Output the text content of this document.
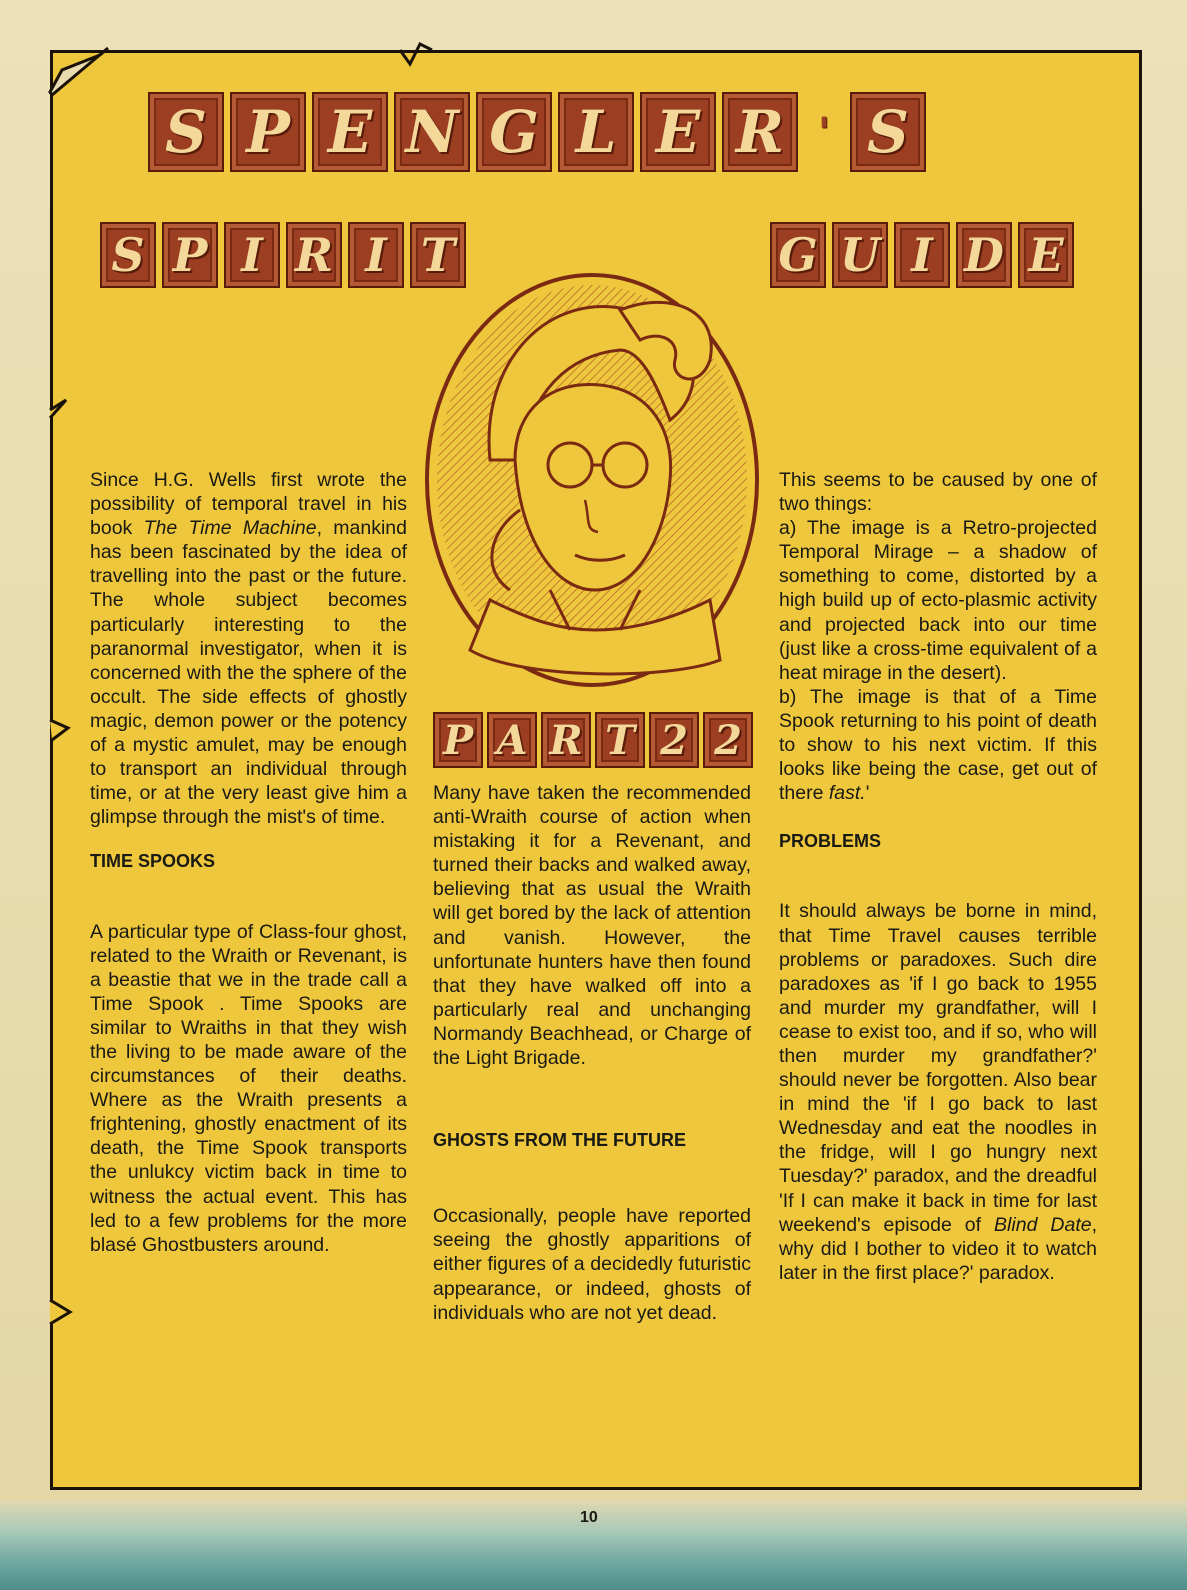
S P E N G L E R ' S
S P I R I T	G U I D E
P A R T 2 2

Since H.G. Wells first wrote the possibility of temporal travel in his book The Time Machine, mankind has been fascinated by the idea of travelling into the past or the future. The whole subject becomes particularly interesting to the paranormal investigator, when it is concerned with the the sphere of the occult. The side effects of ghostly magic, demon power or the potency of a mystic amulet, may be enough to transport an individual through time, or at the very least give him a glimpse through the mist's of time.

TIME SPOOKS

A particular type of Class-four ghost, related to the Wraith or Revenant, is a beastie that we in the trade call a Time Spook . Time Spooks are similar to Wraiths in that they wish the living to be made aware of the circumstances of their deaths. Where as the Wraith presents a frightening, ghostly enactment of its death, the Time Spook transports the unlukcy victim back in time to witness the actual event. This has led to a few problems for the more blasé Ghostbusters around.

Many have taken the recommended anti-Wraith course of action when mistaking it for a Revenant, and turned their backs and walked away, believing that as usual the Wraith will get bored by the lack of attention and vanish. However, the unfortunate hunters have then found that they have walked off into a particularly real and unchanging Normandy Beachhead, or Charge of the Light Brigade.

GHOSTS FROM THE FUTURE

Occasionally, people have reported seeing the ghostly apparitions of either figures of a decidedly futuristic appearance, or indeed, ghosts of individuals who are not yet dead.

This seems to be caused by one of two things:

a) The image is a Retro-projected Temporal Mirage – a shadow of something to come, distorted by a high build up of ecto-plasmic activity and projected back into our time (just like a cross-time equivalent of a heat mirage in the desert).

b) The image is that of a Time Spook returning to his point of death to show to his next victim. If this looks like being the case, get out of there fast.'

PROBLEMS

It should always be borne in mind, that Time Travel causes terrible problems or paradoxes. Such dire paradoxes as 'if I go back to 1955 and murder my grandfather, will I cease to exist too, and if so, who will then murder my grandfather?' should never be forgotten. Also bear in mind the 'if I go back to last Wednesday and eat the noodles in the fridge, will I go hungry next Tuesday?' paradox, and the dreadful 'If I can make it back in time for last weekend's episode of Blind Date, why did I bother to video it to watch later in the first place?' paradox.

10
